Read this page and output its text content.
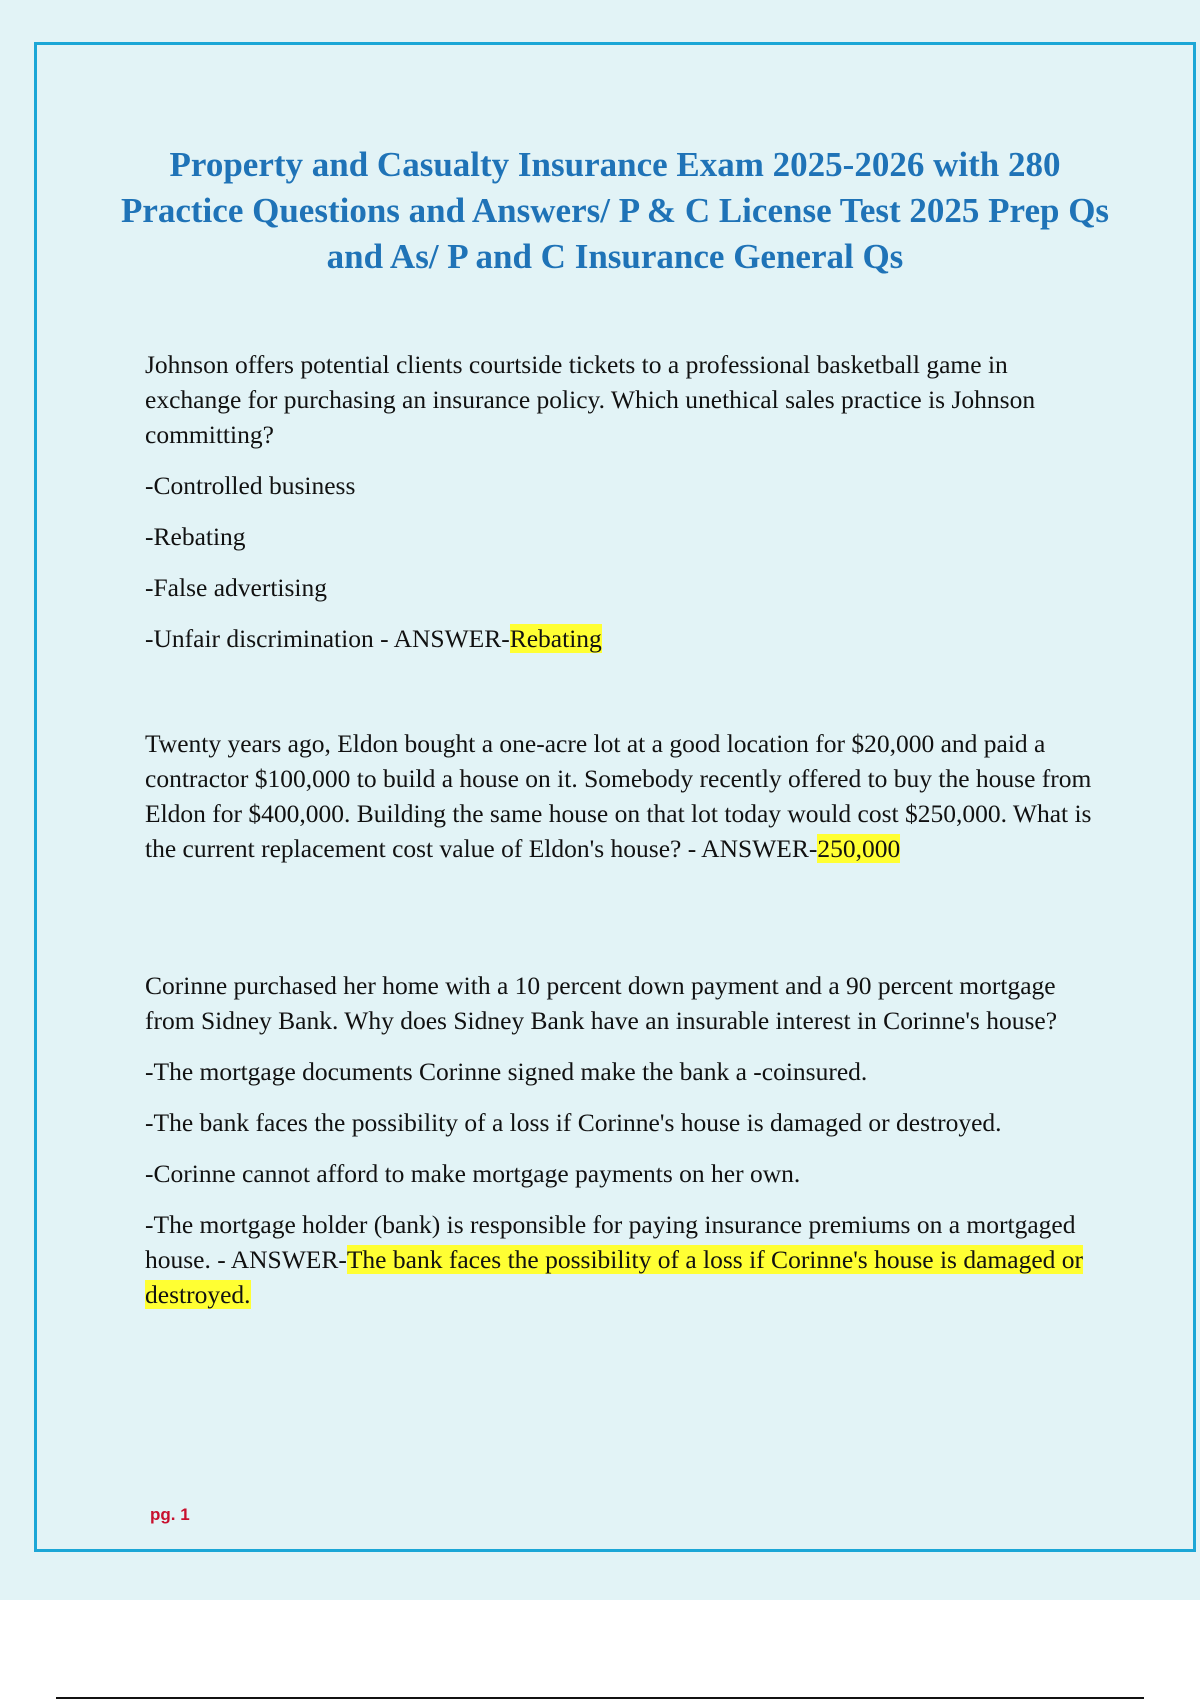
Property and Casualty Insurance Exam 2025-2026 with 280 Practice Questions and Answers/ P & C License Test 2025 Prep Qs and As/ P and C Insurance General Qs

Johnson offers potential clients courtside tickets to a professional basketball game in exchange for purchasing an insurance policy. Which unethical sales practice is Johnson committing?

-Controlled business

-Rebating

-False advertising

-Unfair discrimination - ANSWER-Rebating

Twenty years ago, Eldon bought a one-acre lot at a good location for $20,000 and paid a contractor $100,000 to build a house on it. Somebody recently offered to buy the house from Eldon for $400,000. Building the same house on that lot today would cost $250,000. What is the current replacement cost value of Eldon's house? - ANSWER-250,000

Corinne purchased her home with a 10 percent down payment and a 90 percent mortgage from Sidney Bank. Why does Sidney Bank have an insurable interest in Corinne's house?

-The mortgage documents Corinne signed make the bank a -coinsured.

-The bank faces the possibility of a loss if Corinne's house is damaged or destroyed.

-Corinne cannot afford to make mortgage payments on her own.

-The mortgage holder (bank) is responsible for paying insurance premiums on a mortgaged house. - ANSWER-The bank faces the possibility of a loss if Corinne's house is damaged or destroyed.

pg. 1
